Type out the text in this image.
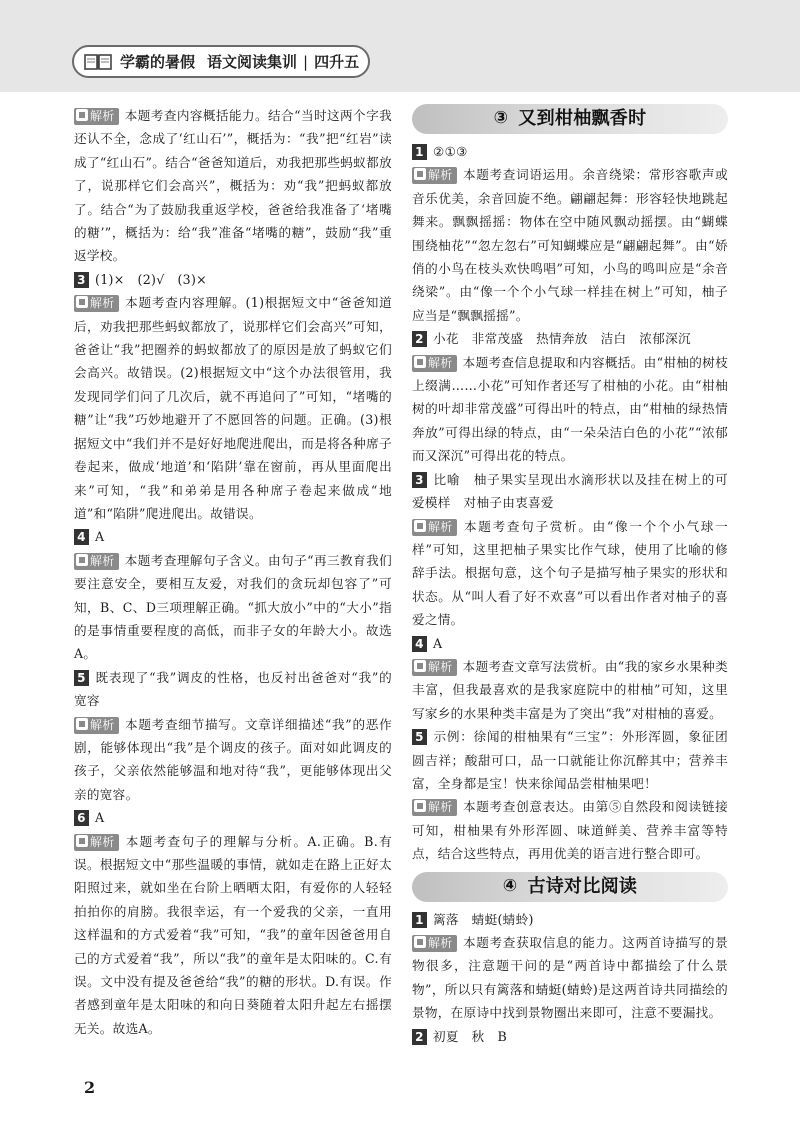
学霸的暑假 语文阅读集训 | 四升五

解析 本题考查内容概括能力。结合“当时这两个字我还认不全，念成了‘红山石’”，概括为：“我”把“红岩”读成了“红山石”。结合“爸爸知道后，劝我把那些蚂蚁都放了，说那样它们会高兴”，概括为：劝“我”把蚂蚁都放了。结合“为了鼓励我重返学校，爸爸给我准备了‘堵嘴的糖’”，概括为：给“我”准备“堵嘴的糖”，鼓励“我”重返学校。

3 (1)×　(2)√　(3)×

解析 本题考查内容理解。(1)根据短文中“爸爸知道后，劝我把那些蚂蚁都放了，说那样它们会高兴”可知，爸爸让“我”把圈养的蚂蚁都放了的原因是放了蚂蚁它们会高兴。故错误。(2)根据短文中“这个办法很管用，我发现同学们问了几次后，就不再追问了”可知，“堵嘴的糖”让“我”巧妙地避开了不愿回答的问题。正确。(3)根据短文中“我们并不是好好地爬进爬出，而是将各种席子卷起来，做成‘地道’和‘陷阱’靠在窗前，再从里面爬出来”可知，“我”和弟弟是用各种席子卷起来做成“地道”和“陷阱”爬进爬出。故错误。

4 A

解析 本题考查理解句子含义。由句子“再三教育我们要注意安全，要相互友爱，对我们的贪玩却包容了”可知，B、C、D三项理解正确。“抓大放小”中的“大小”指的是事情重要程度的高低，而非子女的年龄大小。故选A。

5 既表现了“我”调皮的性格，也反衬出爸爸对“我”的宽容

解析 本题考查细节描写。文章详细描述“我”的恶作剧，能够体现出“我”是个调皮的孩子。面对如此调皮的孩子，父亲依然能够温和地对待“我”，更能够体现出父亲的宽容。

6 A

解析 本题考查句子的理解与分析。A.正确。B.有误。根据短文中“那些温暖的事情，就如走在路上正好太阳照过来，就如坐在台阶上晒晒太阳，有爱你的人轻轻拍拍你的肩膀。我很幸运，有一个爱我的父亲，一直用这样温和的方式爱着“我”可知，“我”的童年因爸爸用自己的方式爱着“我”，所以“我”的童年是太阳味的。C.有误。文中没有提及爸爸给“我”的糖的形状。D.有误。作者感到童年是太阳味的和向日葵随着太阳升起左右摇摆无关。故选A。

③ 又到柑柚飘香时

1 ②①③

解析 本题考查词语运用。余音绕梁：常形容歌声或音乐优美，余音回旋不绝。翩翩起舞：形容轻快地跳起舞来。飘飘摇摇：物体在空中随风飘动摇摆。由“蝴蝶围绕柚花”“忽左忽右”可知蝴蝶应是“翩翩起舞”。由“娇俏的小鸟在枝头欢快鸣唱”可知，小鸟的鸣叫应是“余音绕梁”。由“像一个个小气球一样挂在树上”可知，柚子应当是“飘飘摇摇”。

2 小花　非常茂盛　热情奔放　洁白　浓郁深沉

解析 本题考查信息提取和内容概括。由“柑柚的树枝上缀满……小花”可知作者还写了柑柚的小花。由“柑柚树的叶却非常茂盛”可得出叶的特点，由“柑柚的绿热情奔放”可得出绿的特点，由“一朵朵洁白色的小花”“浓郁而又深沉”可得出花的特点。

3 比喻　柚子果实呈现出水滴形状以及挂在树上的可爱模样　对柚子由衷喜爱

解析 本题考查句子赏析。由“像一个个小气球一样”可知，这里把柚子果实比作气球，使用了比喻的修辞手法。根据句意，这个句子是描写柚子果实的形状和状态。从“叫人看了好不欢喜”可以看出作者对柚子的喜爱之情。

4 A

解析 本题考查文章写法赏析。由“我的家乡水果种类丰富，但我最喜欢的是我家庭院中的柑柚”可知，这里写家乡的水果种类丰富是为了突出“我”对柑柚的喜爱。

5 示例：徐闻的柑柚果有“三宝”：外形浑圆，象征团圆吉祥；酸甜可口，品一口就能让你沉醉其中；营养丰富，全身都是宝！快来徐闻品尝柑柚果吧！

解析 本题考查创意表达。由第⑤自然段和阅读链接可知，柑柚果有外形浑圆、味道鲜美、营养丰富等特点，结合这些特点，再用优美的语言进行整合即可。

④ 古诗对比阅读

1 篱落　蜻蜓(蜻蛉)

解析 本题考查获取信息的能力。这两首诗描写的景物很多，注意题干问的是“两首诗中都描绘了什么景物”，所以只有篱落和蜻蜓(蜻蛉)是这两首诗共同描绘的景物，在原诗中找到景物圈出来即可，注意不要漏找。

2 初夏　秋　B

2
